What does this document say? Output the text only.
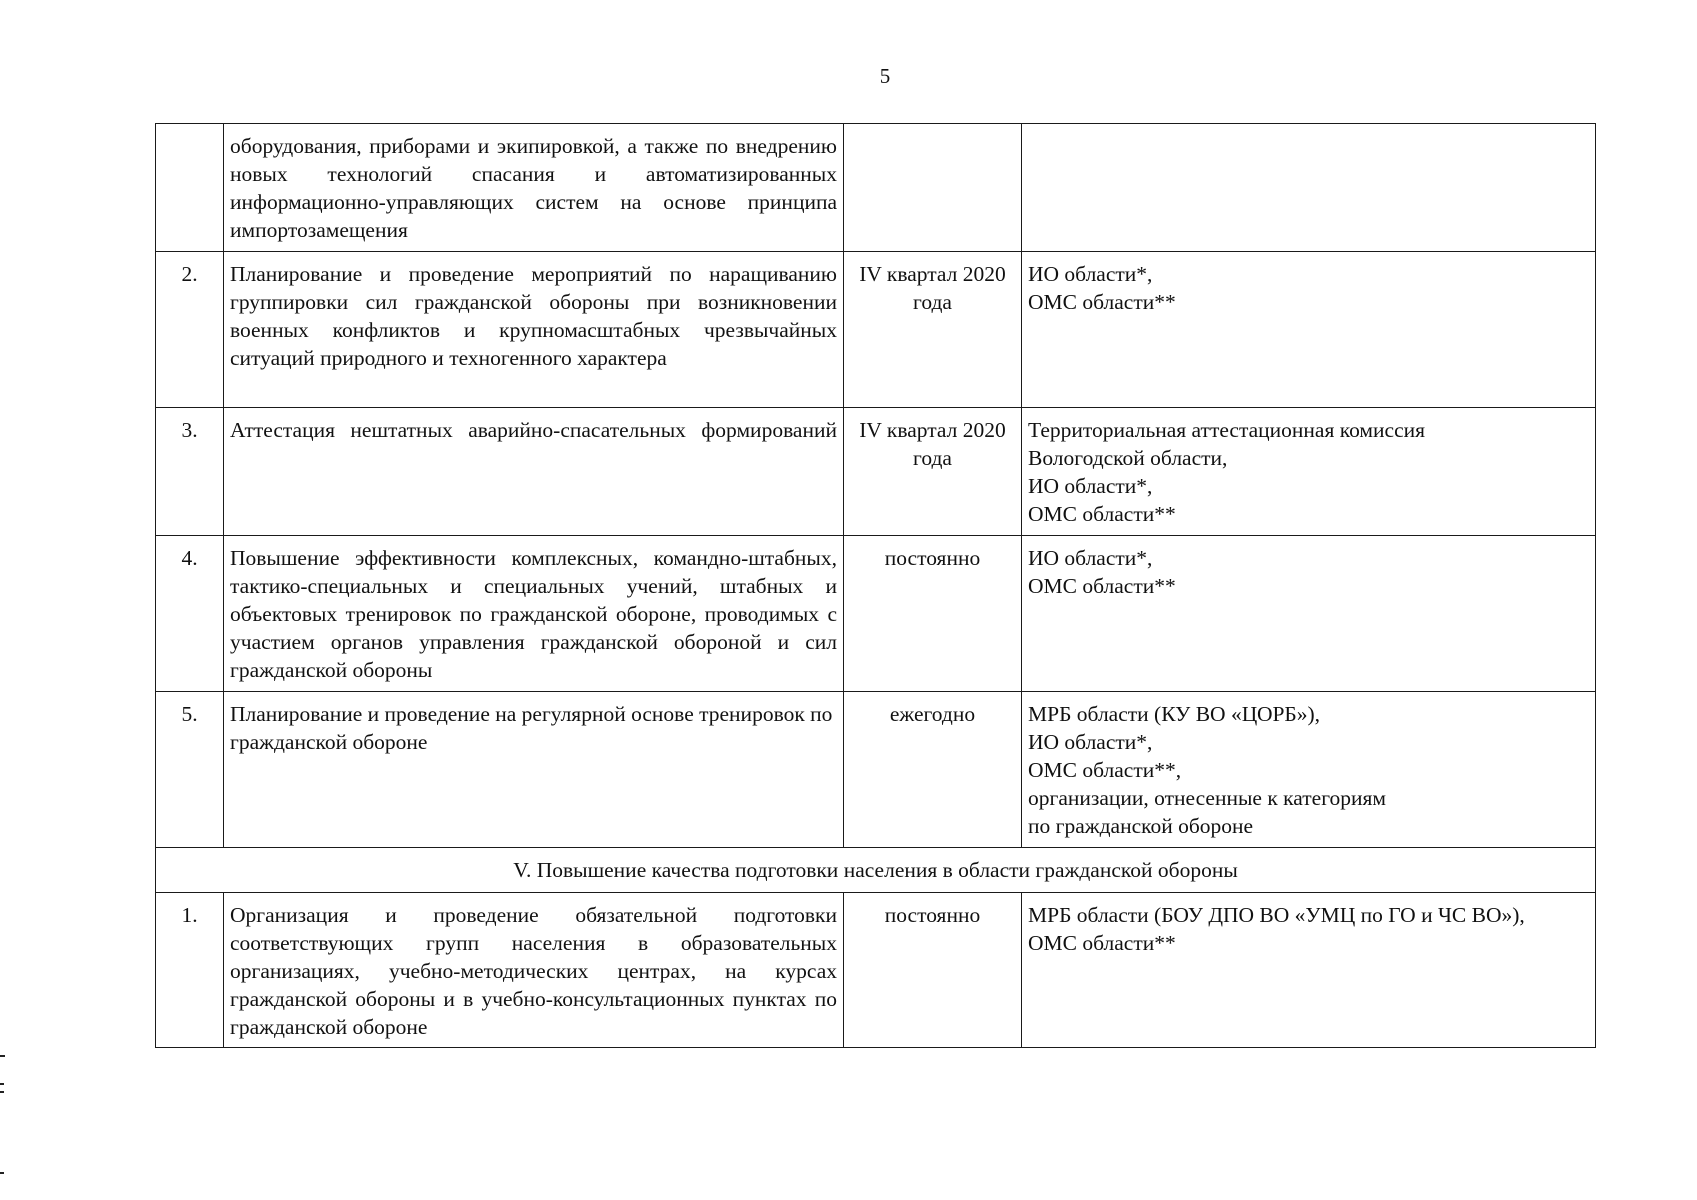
5
	оборудования, приборами и экипировкой, а также по внедрению новых технологий спасания и автоматизированных информационно-управляющих систем на основе принципа импортозамещения		
2.	Планирование и проведение мероприятий по наращиванию группировки сил гражданской обороны при возникновении военных конфликтов и крупномасштабных чрезвычайных ситуаций природного и техногенного характера	IV квартал 2020 года	ИО области*,
ОМС области**

3.	Аттестация нештатных аварийно-спасательных формирований	IV квартал 2020 года	Территориальная аттестационная комиссия
Вологодской области,
ИО области*,
ОМС области**

4.	Повышение эффективности комплексных, командно-штабных, тактико-специальных и специальных учений, штабных и объектовых тренировок по гражданской обороне, проводимых с участием органов управления гражданской обороной и сил гражданской обороны	постоянно	ИО области*,
ОМС области**

5.	Планирование и проведение на регулярной основе тренировок по гражданской обороне	ежегодно	МРБ области (КУ ВО «ЦОРБ»),
ИО области*,
ОМС области**,
организации, отнесенные к категориям
по гражданской обороне

V. Повышение качества подготовки населения в области гражданской обороны			
1.	Организация и проведение обязательной подготовки соответствующих групп населения в образовательных организациях, учебно-методических центрах, на курсах гражданской обороны и в учебно-консультационных пунктах по гражданской обороне	постоянно	МРБ области (БОУ ДПО ВО «УМЦ по ГО и ЧС ВО»),
ОМС области**
